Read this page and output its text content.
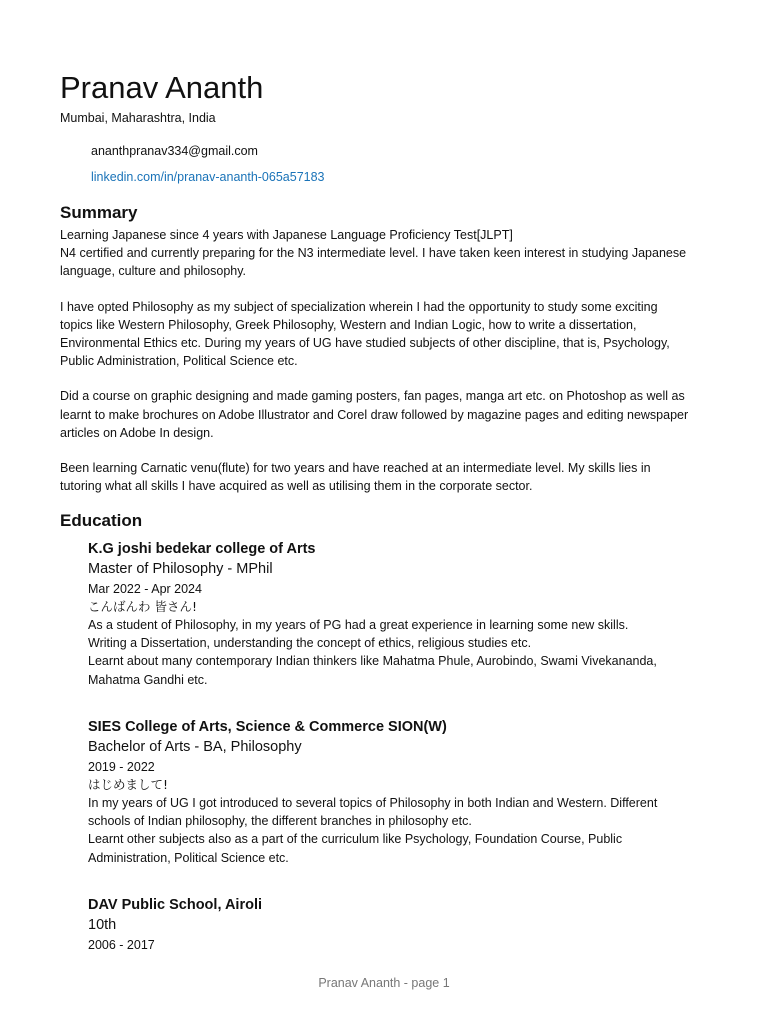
Pranav Ananth
Mumbai, Maharashtra, India
ananthpranav334@gmail.com
linkedin.com/in/pranav-ananth-065a57183
Summary

Learning Japanese since 4 years with Japanese Language Proficiency Test[JLPT]
N4 certified and currently preparing for the N3 intermediate level. I have taken keen interest in studying Japanese
language, culture and philosophy.

I have opted Philosophy as my subject of specialization wherein I had the opportunity to study some exciting
topics like Western Philosophy, Greek Philosophy, Western and Indian Logic, how to write a dissertation,
Environmental Ethics etc. During my years of UG have studied subjects of other discipline, that is, Psychology,
Public Administration, Political Science etc.

Did a course on graphic designing and made gaming posters, fan pages, manga art etc. on Photoshop as well as
learnt to make brochures on Adobe Illustrator and Corel draw followed by magazine pages and editing newspaper
articles on Adobe In design.

Been learning Carnatic venu(flute) for two years and have reached at an intermediate level. My skills lies in
tutoring what all skills I have acquired as well as utilising them in the corporate sector.

Education
K.G joshi bedekar college of Arts
Master of Philosophy - MPhil
Mar 2022 - Apr 2024
こんばんわ 皆さん!
As a student of Philosophy, in my years of PG had a great experience in learning some new skills.
Writing a Dissertation, understanding the concept of ethics, religious studies etc.
Learnt about many contemporary Indian thinkers like Mahatma Phule, Aurobindo, Swami Vivekananda,
Mahatma Gandhi etc.
SIES College of Arts, Science & Commerce SION(W)
Bachelor of Arts - BA, Philosophy
2019 - 2022
はじめまして!
In my years of UG I got introduced to several topics of Philosophy in both Indian and Western. Different
schools of Indian philosophy, the different branches in philosophy etc.
Learnt other subjects also as a part of the curriculum like Psychology, Foundation Course, Public
Administration, Political Science etc.
DAV Public School, Airoli
10th
2006 - 2017
Pranav Ananth - page 1
